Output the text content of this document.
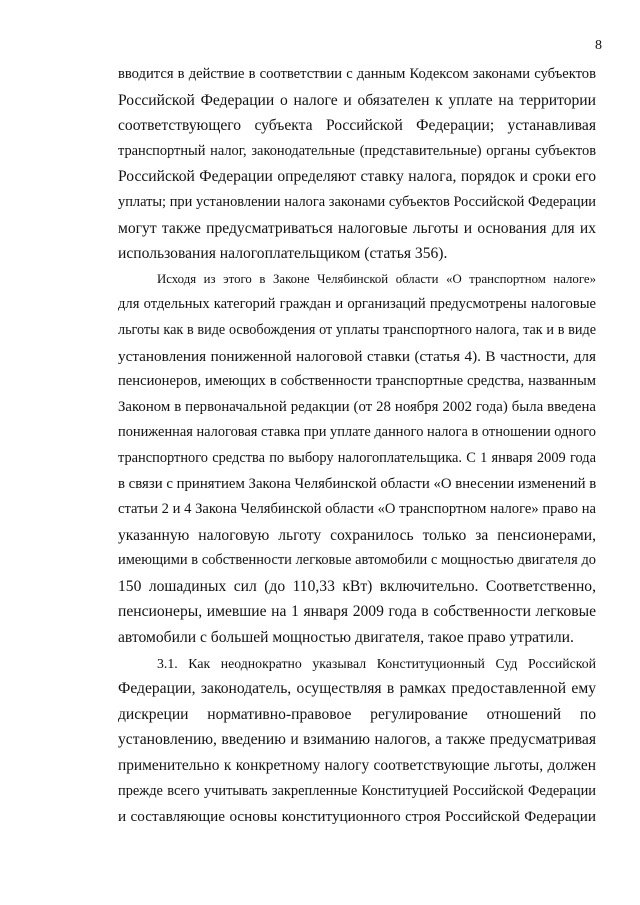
8
вводится в действие в соответствии с данным Кодексом законами субъектов
Российской Федерации о налоге и обязателен к уплате на территории
соответствующего субъекта Российской Федерации; устанавливая
транспортный налог, законодательные (представительные) органы субъектов
Российской Федерации определяют ставку налога, порядок и сроки его
уплаты; при установлении налога законами субъектов Российской Федерации
могут также предусматриваться налоговые льготы и основания для их
использования налогоплательщиком (статья 356).
Исходя из этого в Законе Челябинской области «О транспортном налоге»
для отдельных категорий граждан и организаций предусмотрены налоговые
льготы как в виде освобождения от уплаты транспортного налога, так и в виде
установления пониженной налоговой ставки (статья 4). В частности, для
пенсионеров, имеющих в собственности транспортные средства, названным
Законом в первоначальной редакции (от 28 ноября 2002 года) была введена
пониженная налоговая ставка при уплате данного налога в отношении одного
транспортного средства по выбору налогоплательщика. С 1 января 2009 года
в связи с принятием Закона Челябинской области «О внесении изменений в
статьи 2 и 4 Закона Челябинской области «О транспортном налоге» право на
указанную налоговую льготу сохранилось только за пенсионерами,
имеющими в собственности легковые автомобили с мощностью двигателя до
150 лошадиных сил (до 110,33 кВт) включительно. Соответственно,
пенсионеры, имевшие на 1 января 2009 года в собственности легковые
автомобили с большей мощностью двигателя, такое право утратили.
3.1. Как неоднократно указывал Конституционный Суд Российской
Федерации, законодатель, осуществляя в рамках предоставленной ему
дискреции нормативно-правовое регулирование отношений по
установлению, введению и взиманию налогов, а также предусматривая
применительно к конкретному налогу соответствующие льготы, должен
прежде всего учитывать закрепленные Конституцией Российской Федерации
и составляющие основы конституционного строя Российской Федерации
